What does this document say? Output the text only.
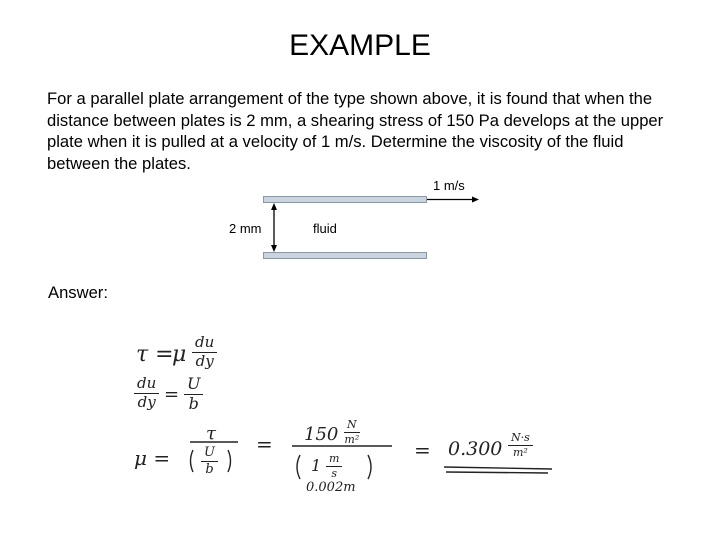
EXAMPLE

For a parallel plate arrangement of the type shown above, it is found that when the distance between plates is 2 mm, a shearing stress of 150 Pa develops at the upper plate when it is pulled at a velocity of 1 m/s. Determine the viscosity of the fluid between the plates.

1 m/s
2 mm	fluid
Answer:
τ =
μ $\frac{du}{dy}$
$\frac{du}{dy} = \frac{U}{b}$
μ =
τ
$\frac{U}{b}$
= $150 \frac{N}{\text{m²}}$
$1 \frac{m}{s}$
0.002m
= $0.300 \frac{N\cdot s}{\text{m²}}$
